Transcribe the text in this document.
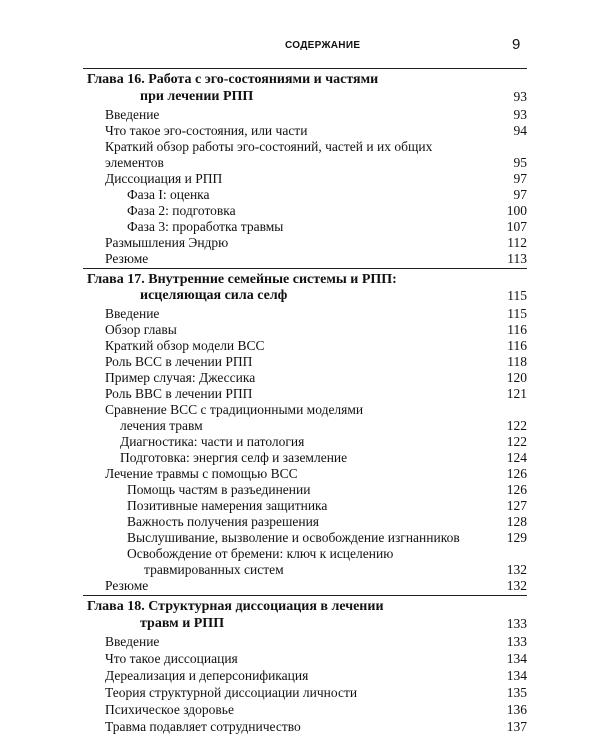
СОДЕРЖАНИЕ	9
Глава 16. Работа с эго-состояниями и частями
при лечении РПП	93
Введение	93
Что такое эго-состояния, или части	94
Краткий обзор работы эго-состояний, частей и их общих
элементов	95
Диссоциация и РПП	97
Фаза I: оценка	97
Фаза 2: подготовка	100
Фаза 3: проработка травмы	107
Размышления Эндрю	112
Резюме	113
Глава 17. Внутренние семейные системы и РПП:
исцеляющая сила селф	115
Введение	115
Обзор главы	116
Краткий обзор модели ВСС	116
Роль ВСС в лечении РПП	118
Пример случая: Джессика	120
Роль ВВС в лечении РПП	121
Сравнение ВСС с традиционными моделями
лечения травм	122
Диагностика: части и патология	122
Подготовка: энергия селф и заземление	124
Лечение травмы с помощью ВСС	126
Помощь частям в разъединении	126
Позитивные намерения защитника	127
Важность получения разрешения	128
Выслушивание, вызволение и освобождение изгнанников	129
Освобождение от бремени: ключ к исцелению
травмированных систем	132
Резюме	132
Глава 18. Структурная диссоциация в лечении
травм и РПП	133
Введение	133
Что такое диссоциация	134
Дереализация и деперсонификация	134
Теория структурной диссоциации личности	135
Психическое здоровье	136
Травма подавляет сотрудничество	137
